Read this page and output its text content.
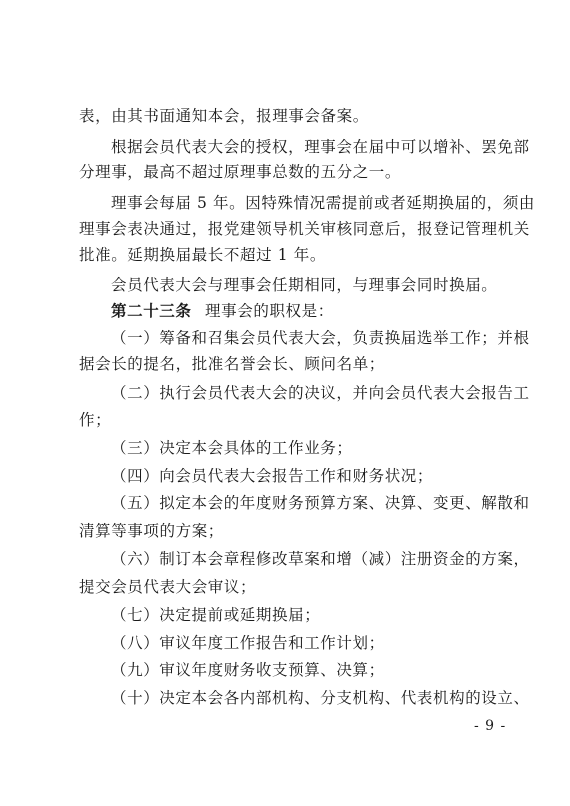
表，由其书面通知本会，报理事会备案。
根据会员代表大会的授权，理事会在届中可以增补、罢免部
分理事，最高不超过原理事总数的五分之一。
理事会每届 5 年。因特殊情况需提前或者延期换届的，须由
理事会表决通过，报党建领导机关审核同意后，报登记管理机关
批准。延期换届最长不超过 1 年。
会员代表大会与理事会任期相同，与理事会同时换届。
第二十三条 理事会的职权是：
（一）筹备和召集会员代表大会，负责换届选举工作；并根
据会长的提名，批准名誉会长、顾问名单；
（二）执行会员代表大会的决议，并向会员代表大会报告工
作；
（三）决定本会具体的工作业务；
（四）向会员代表大会报告工作和财务状况；
（五）拟定本会的年度财务预算方案、决算、变更、解散和
清算等事项的方案；
（六）制订本会章程修改草案和增（减）注册资金的方案，
提交会员代表大会审议；
（七）决定提前或延期换届；
（八）审议年度工作报告和工作计划；
（九）审议年度财务收支预算、决算；
（十）决定本会各内部机构、分支机构、代表机构的设立、
- 9 -
